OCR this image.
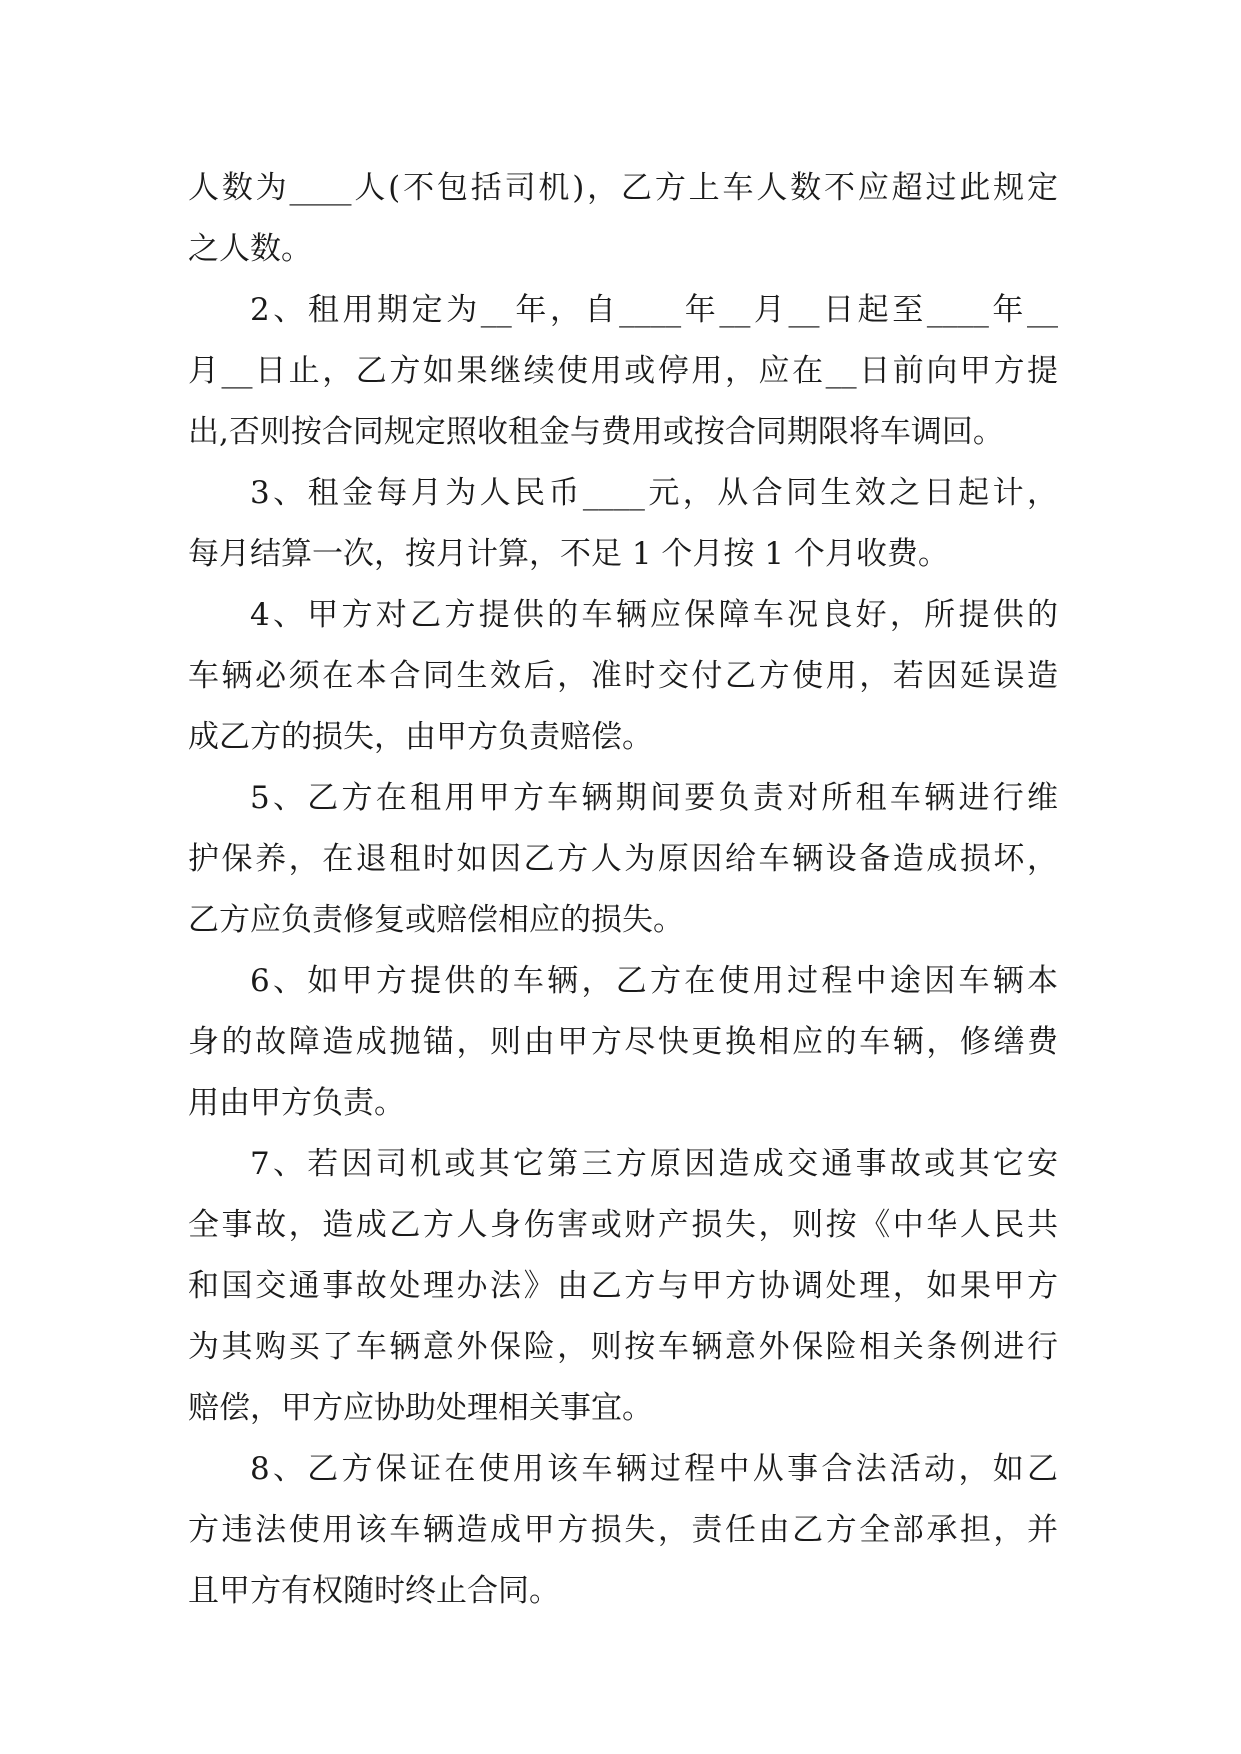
人数为____人(不包括司机)，乙方上车人数不应超过此规定
之人数。
2、租用期定为__年，自____年__月__日起至____年__
月__日止，乙方如果继续使用或停用，应在__日前向甲方提
出,否则按合同规定照收租金与费用或按合同期限将车调回。
3、租金每月为人民币____元，从合同生效之日起计，
每月结算一次，按月计算，不足 1 个月按 1 个月收费。
4、甲方对乙方提供的车辆应保障车况良好，所提供的
车辆必须在本合同生效后，准时交付乙方使用，若因延误造
成乙方的损失，由甲方负责赔偿。
5、乙方在租用甲方车辆期间要负责对所租车辆进行维
护保养，在退租时如因乙方人为原因给车辆设备造成损坏，
乙方应负责修复或赔偿相应的损失。
6、如甲方提供的车辆，乙方在使用过程中途因车辆本
身的故障造成抛锚，则由甲方尽快更换相应的车辆，修缮费
用由甲方负责。
7、若因司机或其它第三方原因造成交通事故或其它安
全事故，造成乙方人身伤害或财产损失，则按《中华人民共
和国交通事故处理办法》由乙方与甲方协调处理，如果甲方
为其购买了车辆意外保险，则按车辆意外保险相关条例进行
赔偿，甲方应协助处理相关事宜。
8、乙方保证在使用该车辆过程中从事合法活动，如乙
方违法使用该车辆造成甲方损失，责任由乙方全部承担，并
且甲方有权随时终止合同。
